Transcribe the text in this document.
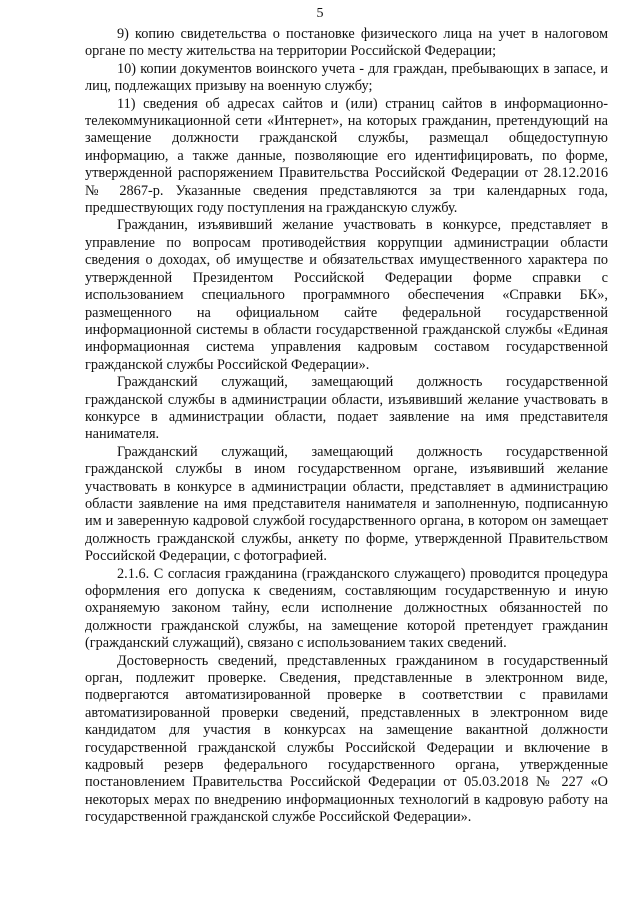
5

9) копию свидетельства о постановке физического лица на учет в налоговом органе по месту жительства на территории Российской Федерации;

10) копии документов воинского учета - для граждан, пребывающих в запасе, и лиц, подлежащих призыву на военную службу;

11) сведения об адресах сайтов и (или) страниц сайтов в информационно-телекоммуникационной сети «Интернет», на которых гражданин, претендующий на замещение должности гражданской службы, размещал общедоступную информацию, а также данные, позволяющие его идентифицировать, по форме, утвержденной распоряжением Правительства Российской Федерации от 28.12.2016 № 2867-р. Указанные сведения представляются за три календарных года, предшествующих году поступления на гражданскую службу.

Гражданин, изъявивший желание участвовать в конкурсе, представляет в управление по вопросам противодействия коррупции администрации области сведения о доходах, об имуществе и обязательствах имущественного характера по утвержденной Президентом Российской Федерации форме справки с использованием специального программного обеспечения «Справки БК», размещенного на официальном сайте федеральной государственной информационной системы в области государственной гражданской службы «Единая информационная система управления кадровым составом государственной гражданской службы Российской Федерации».

Гражданский служащий, замещающий должность государственной гражданской службы в администрации области, изъявивший желание участвовать в конкурсе в администрации области, подает заявление на имя представителя нанимателя.

Гражданский служащий, замещающий должность государственной гражданской службы в ином государственном органе, изъявивший желание участвовать в конкурсе в администрации области, представляет в администрацию области заявление на имя представителя нанимателя и заполненную, подписанную им и заверенную кадровой службой государственного органа, в котором он замещает должность гражданской службы, анкету по форме, утвержденной Правительством Российской Федерации, с фотографией.

2.1.6. С согласия гражданина (гражданского служащего) проводится процедура оформления его допуска к сведениям, составляющим государственную и иную охраняемую законом тайну, если исполнение должностных обязанностей по должности гражданской службы, на замещение которой претендует гражданин (гражданский служащий), связано с использованием таких сведений.

Достоверность сведений, представленных гражданином в государственный орган, подлежит проверке. Сведения, представленные в электронном виде, подвергаются автоматизированной проверке в соответствии с правилами автоматизированной проверки сведений, представленных в электронном виде кандидатом для участия в конкурсах на замещение вакантной должности государственной гражданской службы Российской Федерации и включение в кадровый резерв федерального государственного органа, утвержденные постановлением Правительства Российской Федерации от 05.03.2018 № 227 «О некоторых мерах по внедрению информационных технологий в кадровую работу на государственной гражданской службе Российской Федерации».
